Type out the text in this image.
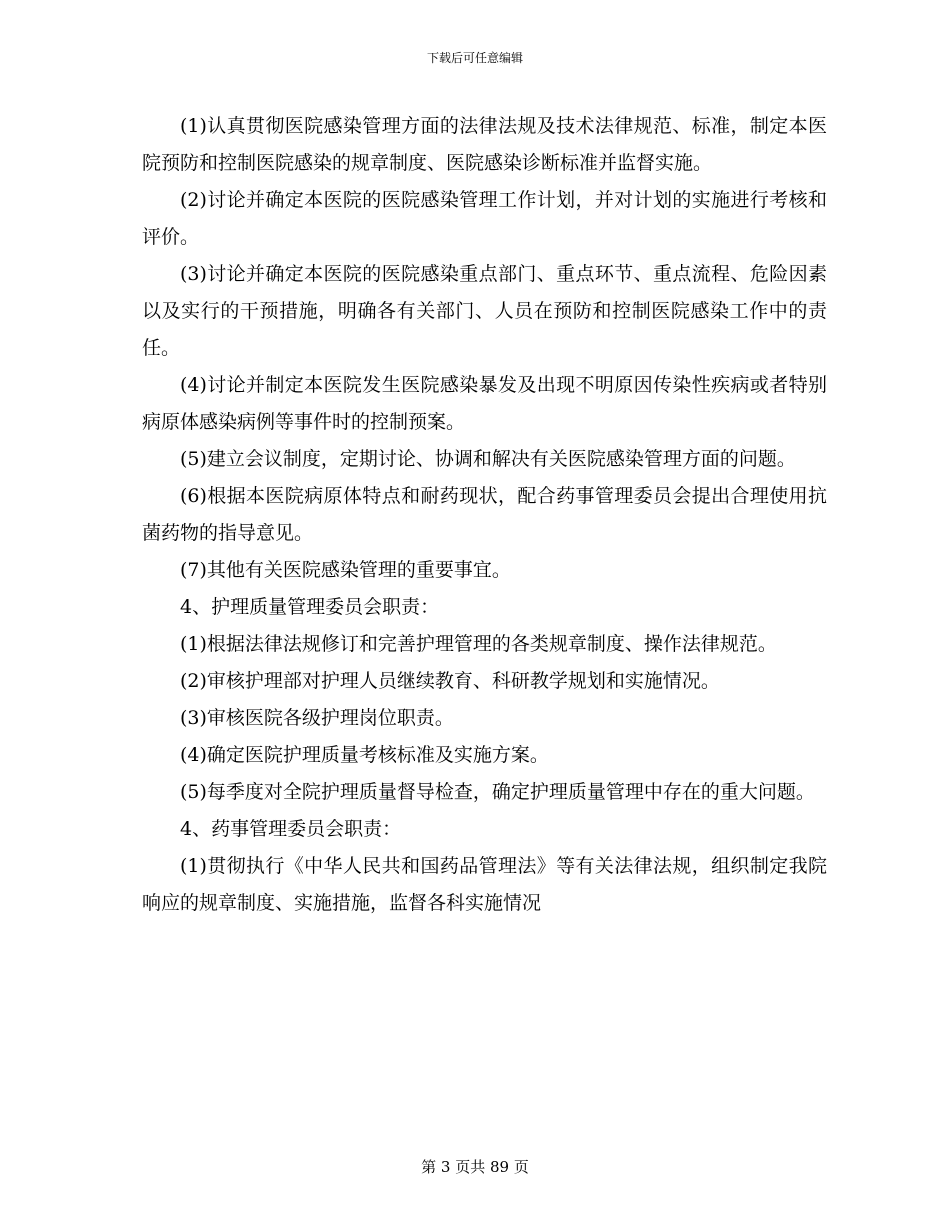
下载后可任意编辑

(1)认真贯彻医院感染管理方面的法律法规及技术法律规范、标准，制定本医院预防和控制医院感染的规章制度、医院感染诊断标准并监督实施。

(2)讨论并确定本医院的医院感染管理工作计划，并对计划的实施进行考核和评价。

(3)讨论并确定本医院的医院感染重点部门、重点环节、重点流程、危险因素以及实行的干预措施，明确各有关部门、人员在预防和控制医院感染工作中的责任。

(4)讨论并制定本医院发生医院感染暴发及出现不明原因传染性疾病或者特别病原体感染病例等事件时的控制预案。

(5)建立会议制度，定期讨论、协调和解决有关医院感染管理方面的问题。

(6)根据本医院病原体特点和耐药现状，配合药事管理委员会提出合理使用抗菌药物的指导意见。

(7)其他有关医院感染管理的重要事宜。

4、护理质量管理委员会职责：

(1)根据法律法规修订和完善护理管理的各类规章制度、操作法律规范。

(2)审核护理部对护理人员继续教育、科研教学规划和实施情况。

(3)审核医院各级护理岗位职责。

(4)确定医院护理质量考核标准及实施方案。

(5)每季度对全院护理质量督导检查，确定护理质量管理中存在的重大问题。

4、药事管理委员会职责：

(1)贯彻执行《中华人民共和国药品管理法》等有关法律法规，组织制定我院响应的规章制度、实施措施，监督各科实施情况

第 3 页共 89 页
